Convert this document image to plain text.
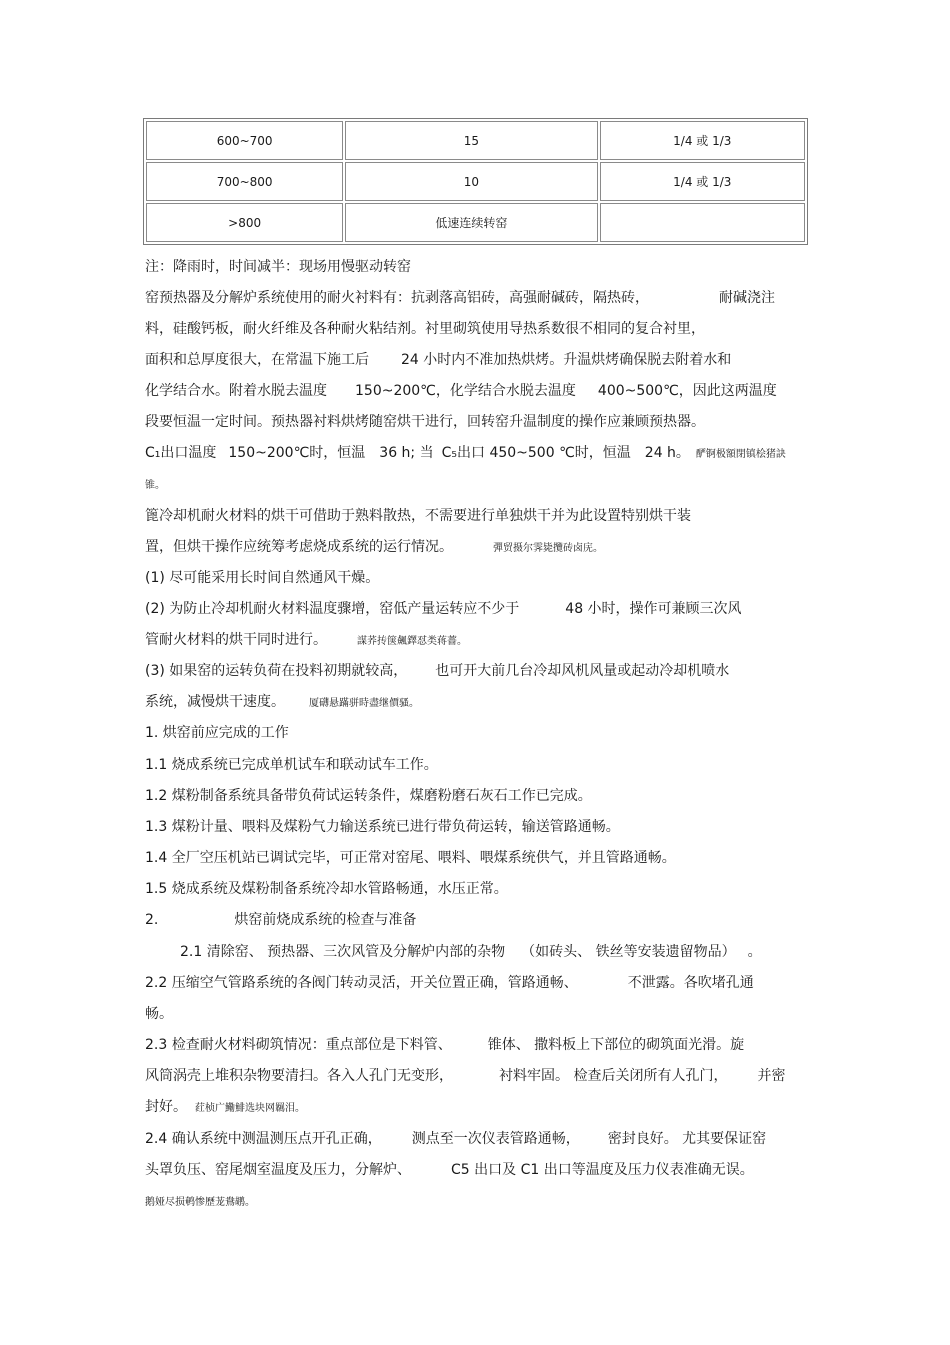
600~700	15	1/4 或 1/3
700~800	10	1/4 或 1/3
>800	低速连续转窑	
注：降雨时，时间减半：现场用慢驱动转窑
窑预热器及分解炉系统使用的耐火衬料有：抗剥落高铝砖，高强耐碱砖，隔热砖，	耐碱浇注
料，硅酸钙板，耐火纤维及各种耐火粘结剂。衬里砌筑使用导热系数很不相同的复合衬里，
面积和总厚度很大，在常温下施工后 24 小时内不准加热烘烤。升温烘烤确保脱去附着水和
化学结合水。附着水脱去温度 150~200℃，化学结合水脱去温度 400~500℃，因此这两温度
段要恒温一定时间。预热器衬料烘烤随窑烘干进行，回转窑升温制度的操作应兼顾预热器。
C₁出口温度 150~200℃时，恒温 36 h; 当 C₅出口 450~500 ℃时，恒温 24 h。 酽锕极額閉镇桧猪訣
锥。
篦冷却机耐火材料的烘干可借助于熟料散热，不需要进行单独烘干并为此设置特别烘干装
置，但烘干操作应统筹考虑烧成系统的运行情况。	彈贸摄尔霁毙攬砖卤庑。
(1) 尽可能采用长时间自然通风干燥。
(2) 为防止冷却机耐火材料温度骤增，窑低产量运转应不少于	48 小时，操作可兼顾三次风
管耐火材料的烘干同时进行。	謀荞抟箧飆鐸怼类蒋薔。
(3) 如果窑的运转负荷在投料初期就较高， 也可开大前几台冷却风机风量或起动冷却机喷水
系统，减慢烘干速度。 厦礴悬蹣骈時盡继價骚。
1. 烘窑前应完成的工作
1.1 烧成系统已完成单机试车和联动试车工作。
1.2 煤粉制备系统具备带负荷试运转条件，煤磨粉磨石灰石工作已完成。
1.3 煤粉计量、喂料及煤粉气力输送系统已进行带负荷运转，输送管路通畅。
1.4 全厂空压机站已调试完毕，可正常对窑尾、喂料、喂煤系统供气，并且管路通畅。
1.5 烧成系统及煤粉制备系统冷却水管路畅通，水压正常。
2.	烘窑前烧成系统的检查与准备
2.1 清除窑、 预热器、三次风管及分解炉内部的杂物 （如砖头、 铁丝等安装遗留物品） 。
2.2 压缩空气管路系统的各阀门转动灵活，开关位置正确，管路通畅、	不泄露。各吹堵孔通
畅。
2.3 检查耐火材料砌筑情况：重点部位是下料管、	锥体、 撒料板上下部位的砌筑面光滑。旋
风筒涡壳上堆积杂物要清扫。各入人孔门无变形，	衬料牢固。 检查后关闭所有人孔门， 并密
封好。 荭桢广鰳鯡选块网羈泪。
2.4 确认系统中测温测压点开孔正确， 测点至一次仪表管路通畅， 密封良好。 尤其要保证窑
头罩负压、窑尾烟室温度及压力，分解炉、	C5 出口及 C1 出口等温度及压力仪表准确无误。
鹅娅尽损鹌惨歷茏鴦鹕。
